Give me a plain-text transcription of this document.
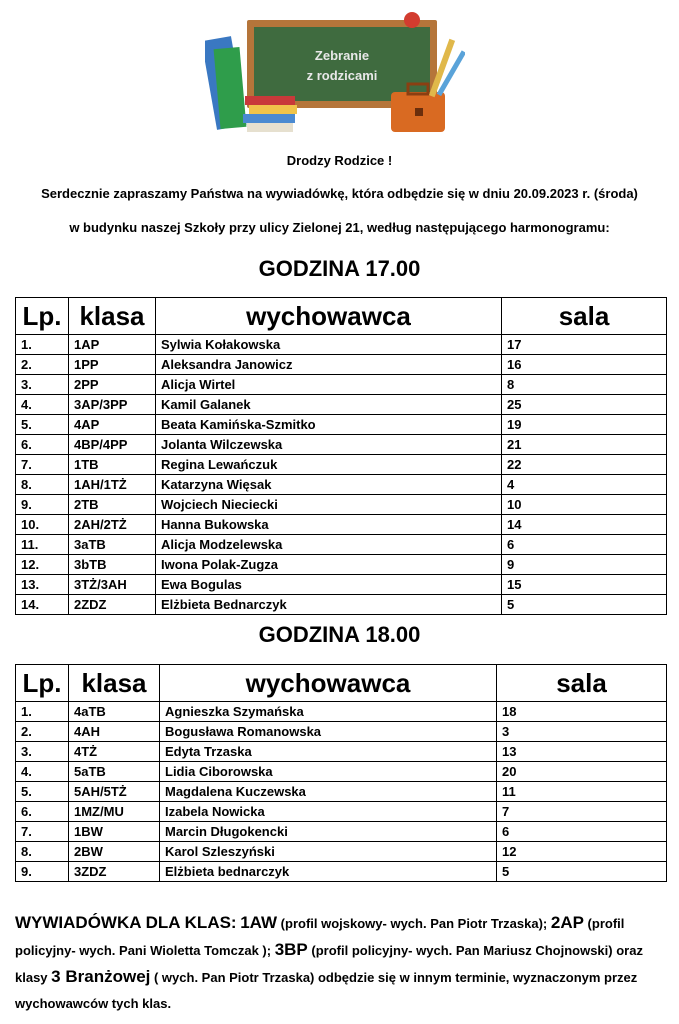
Zebranie
z rodzicami
Drodzy Rodzice !
Serdecznie zapraszamy Państwa na wywiadówkę, która odbędzie się w dniu 20.09.2023 r. (środa)
w budynku naszej Szkoły przy ulicy Zielonej 21, według następującego harmonogramu:
GODZINA 17.00
Lp.	klasa	wychowawca	sala
1.	1AP	Sylwia Kołakowska	17
2.	1PP	Aleksandra Janowicz	16
3.	2PP	Alicja Wirtel	8
4.	3AP/3PP	Kamil Galanek	25
5.	4AP	Beata Kamińska-Szmitko	19
6.	4BP/4PP	Jolanta Wilczewska	21
7.	1TB	Regina Lewańczuk	22
8.	1AH/1TŻ	Katarzyna Więsak	4
9.	2TB	Wojciech Nieciecki	10
10.	2AH/2TŻ	Hanna Bukowska	14
11.	3aTB	Alicja Modzelewska	6
12.	3bTB	Iwona Polak-Zugza	9
13.	3TŻ/3AH	Ewa Bogulas	15
14.	2ZDZ	Elżbieta Bednarczyk	5
GODZINA 18.00
Lp.	klasa	wychowawca	sala
1.	4aTB	Agnieszka Szymańska	18
2.	4AH	Bogusława Romanowska	3
3.	4TŻ	Edyta Trzaska	13
4.	5aTB	Lidia Ciborowska	20
5.	5AH/5TŻ	Magdalena Kuczewska	11
6.	1MZ/MU	Izabela Nowicka	7
7.	1BW	Marcin Długokencki	6
8.	2BW	Karol Szleszyński	12
9.	3ZDZ	Elżbieta bednarczyk	5
WYWIADÓWKA DLA KLAS: 1AW (profil wojskowy- wych. Pan Piotr Trzaska); 2AP (profil policyjny- wych. Pani Wioletta Tomczak ); 3BP (profil policyjny- wych. Pan Mariusz Chojnowski) oraz klasy 3 Branżowej ( wych. Pan Piotr Trzaska) odbędzie się w innym terminie, wyznaczonym przez wychowawców tych klas.
